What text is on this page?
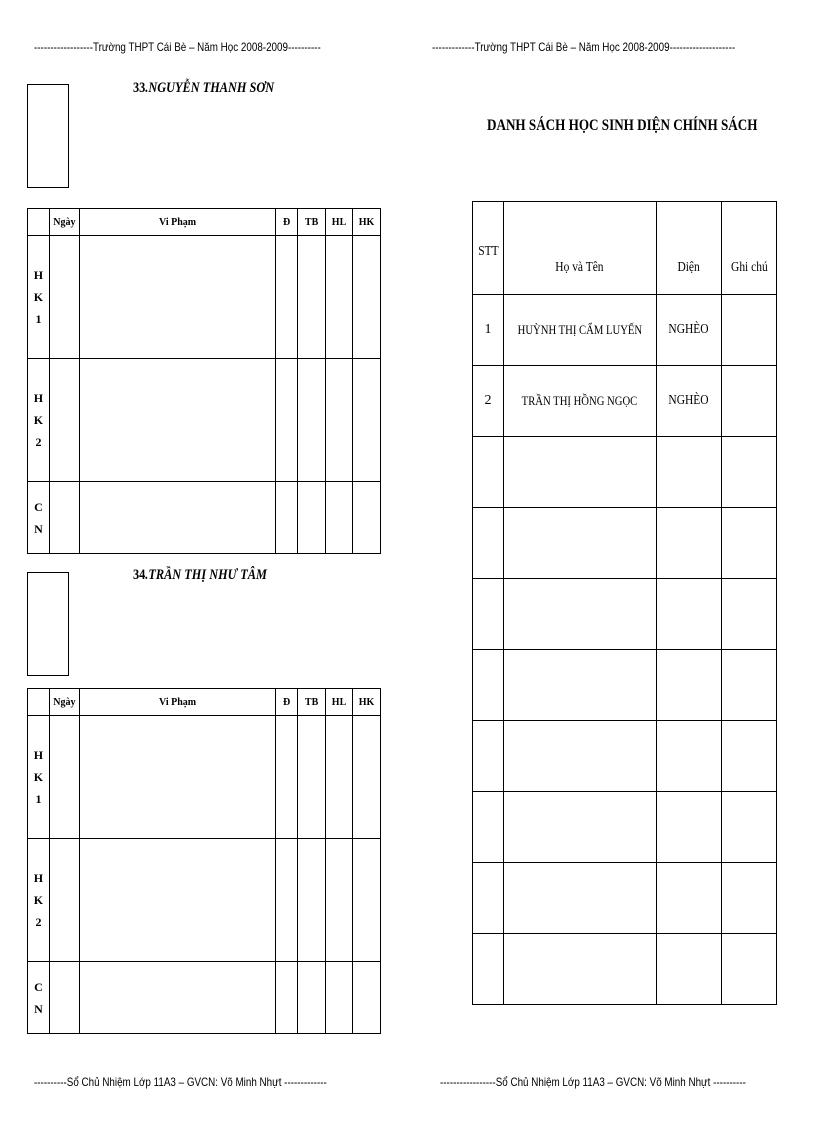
------------------Trường THPT Cái Bè – Năm Học 2008-2009----------	-------------Trường THPT Cái Bè – Năm Học 2008-2009--------------------
33.NGUYỄN THANH SƠN
	Ngày	Vi Phạm	Đ	TB	HL	HK

H
K
1						

H
K
2						

C
N						

34.TRẦN THỊ NHƯ TÂM
	Ngày	Vi Phạm	Đ	TB	HL	HK

H
K
1						

H
K
2						

C
N						

DANH SÁCH HỌC SINH DIỆN CHÍNH SÁCH
STT	Họ và Tên	Diện	Ghi chú
1	HUỲNH THỊ CẨM LUYẾN	NGHÈO	
2	TRẦN THỊ HỒNG NGỌC	NGHÈO	

----------Sổ Chủ Nhiệm Lớp 11A3 – GVCN: Võ Minh Nhựt -------------	-----------------Sổ Chủ Nhiệm Lớp 11A3 – GVCN: Võ Minh Nhựt ----------
